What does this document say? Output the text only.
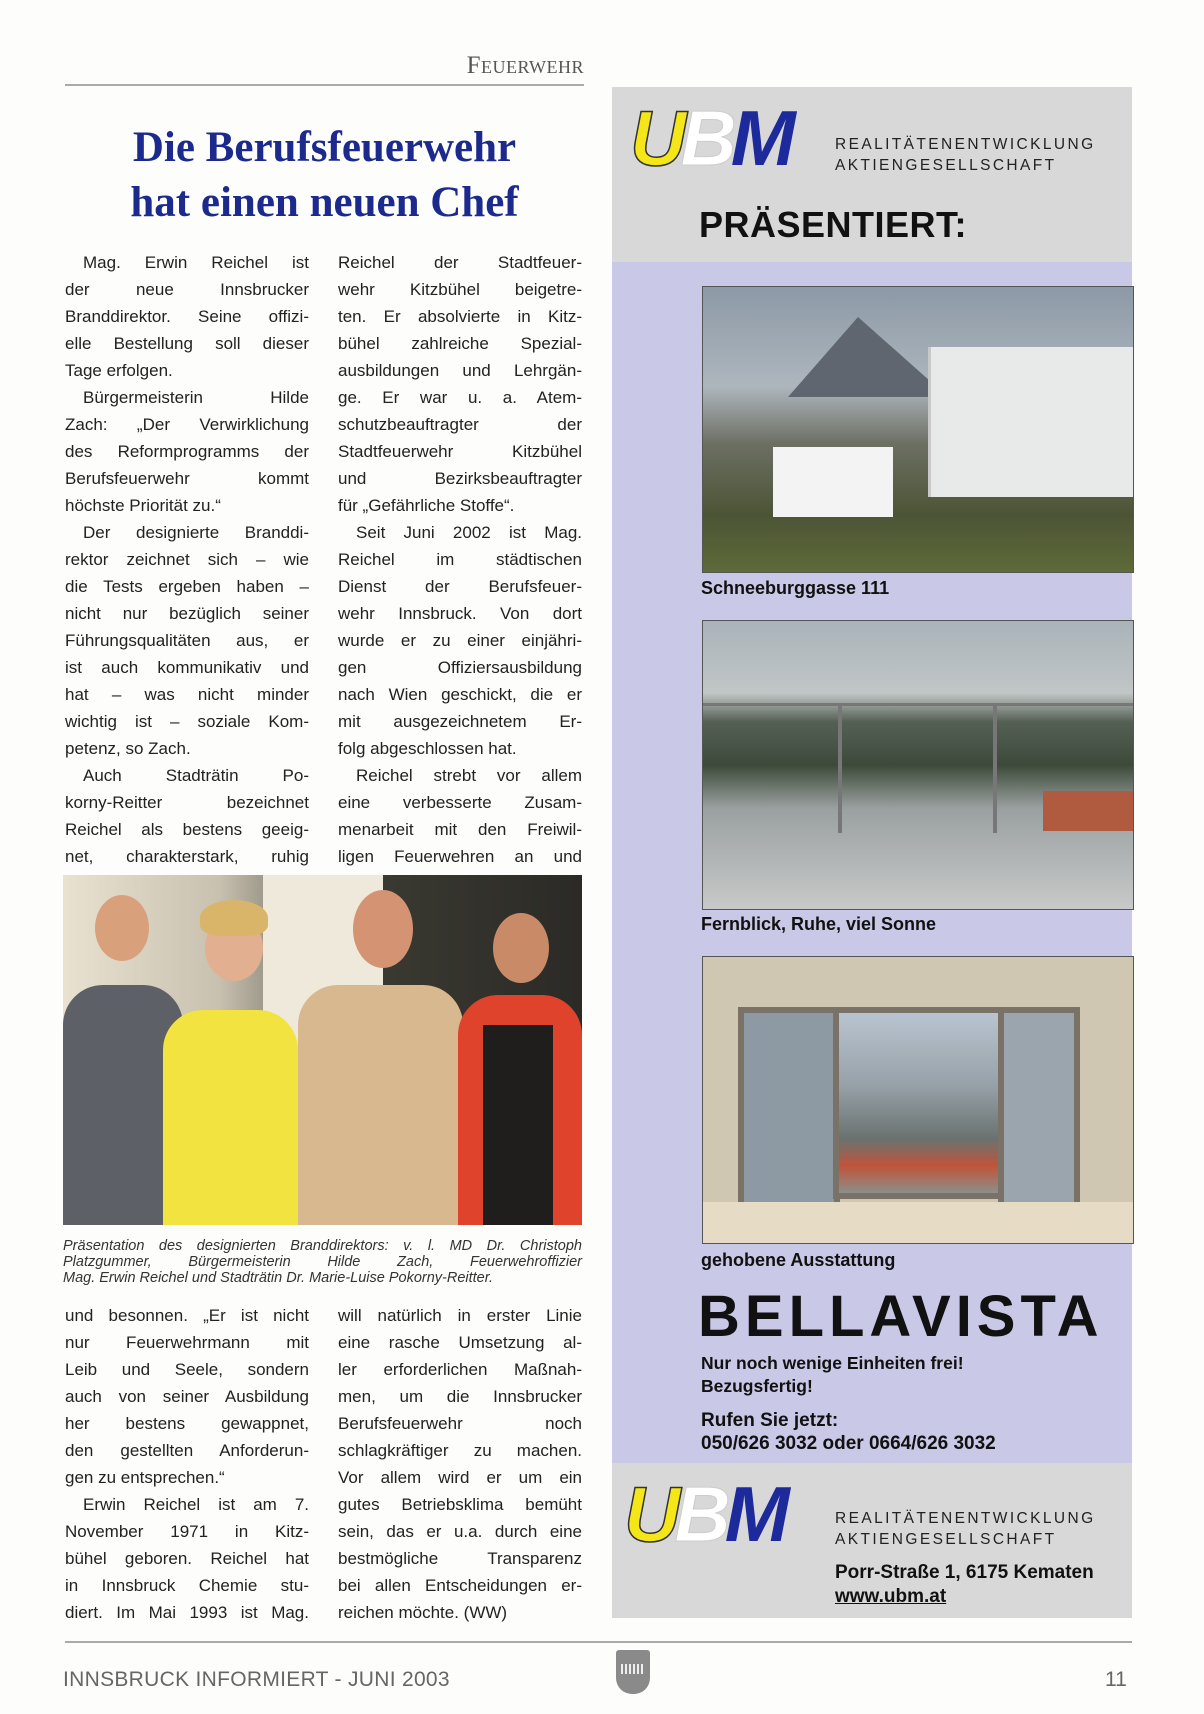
Feuerwehr
Die Berufsfeuerwehr
hat einen neuen Chef
Mag. Erwin Reichel ist
der neue Innsbrucker
Branddirektor. Seine offizi-
elle Bestellung soll dieser
Tage erfolgen.
Bürgermeisterin Hilde
Zach: „Der Verwirklichung
des Reformprogramms der
Berufsfeuerwehr kommt
höchste Priorität zu.“
Der designierte Branddi-
rektor zeichnet sich – wie
die Tests ergeben haben –
nicht nur bezüglich seiner
Führungsqualitäten aus, er
ist auch kommunikativ und
hat – was nicht minder
wichtig ist – soziale Kom-
petenz, so Zach.
Auch Stadträtin Po-
korny-Reitter bezeichnet
Reichel als bestens geeig-
net, charakterstark, ruhig
Reichel der Stadtfeuer-
wehr Kitzbühel beigetre-
ten. Er absolvierte in Kitz-
bühel zahlreiche Spezial-
ausbildungen und Lehrgän-
ge. Er war u. a. Atem-
schutzbeauftragter der
Stadtfeuerwehr Kitzbühel
und Bezirksbeauftragter
für „Gefährliche Stoffe“.
Seit Juni 2002 ist Mag.
Reichel im städtischen
Dienst der Berufsfeuer-
wehr Innsbruck. Von dort
wurde er zu einer einjähri-
gen Offiziersausbildung
nach Wien geschickt, die er
mit ausgezeichnetem Er-
folg abgeschlossen hat.
Reichel strebt vor allem
eine verbesserte Zusam-
menarbeit mit den Freiwil-
ligen Feuerwehren an und
Präsentation des designierten Branddirektors: v. l. MD Dr. Christoph
Platzgummer, Bürgermeisterin Hilde Zach, Feuerwehroffizier
Mag. Erwin Reichel und Stadträtin Dr. Marie-Luise Pokorny-Reitter.
und besonnen. „Er ist nicht
nur Feuerwehrmann mit
Leib und Seele, sondern
auch von seiner Ausbildung
her bestens gewappnet,
den gestellten Anforderun-
gen zu entsprechen.“
Erwin Reichel ist am 7.
November 1971 in Kitz-
bühel geboren. Reichel hat
in Innsbruck Chemie stu-
diert. Im Mai 1993 ist Mag.
will natürlich in erster Linie
eine rasche Umsetzung al-
ler erforderlichen Maßnah-
men, um die Innsbrucker
Berufsfeuerwehr noch
schlagkräftiger zu machen.
Vor allem wird er um ein
gutes Betriebsklima bemüht
sein, das er u.a. durch eine
bestmögliche Transparenz
bei allen Entscheidungen er-
reichen möchte. (WW)
UBM	REALITÄTENENTWICKLUNG
AKTIENGESELLSCHAFT
PRÄSENTIERT:
Schneeburggasse 111
Fernblick, Ruhe, viel Sonne
gehobene Ausstattung
BELLAVISTA
Nur noch wenige Einheiten frei!
Bezugsfertig!
Rufen Sie jetzt:
050/626 3032 oder 0664/626 3032
UBM	REALITÄTENENTWICKLUNG
AKTIENGESELLSCHAFT
Porr-Straße 1, 6175 Kematen
www.ubm.at
INNSBRUCK INFORMIERT - JUNI 2003	11
